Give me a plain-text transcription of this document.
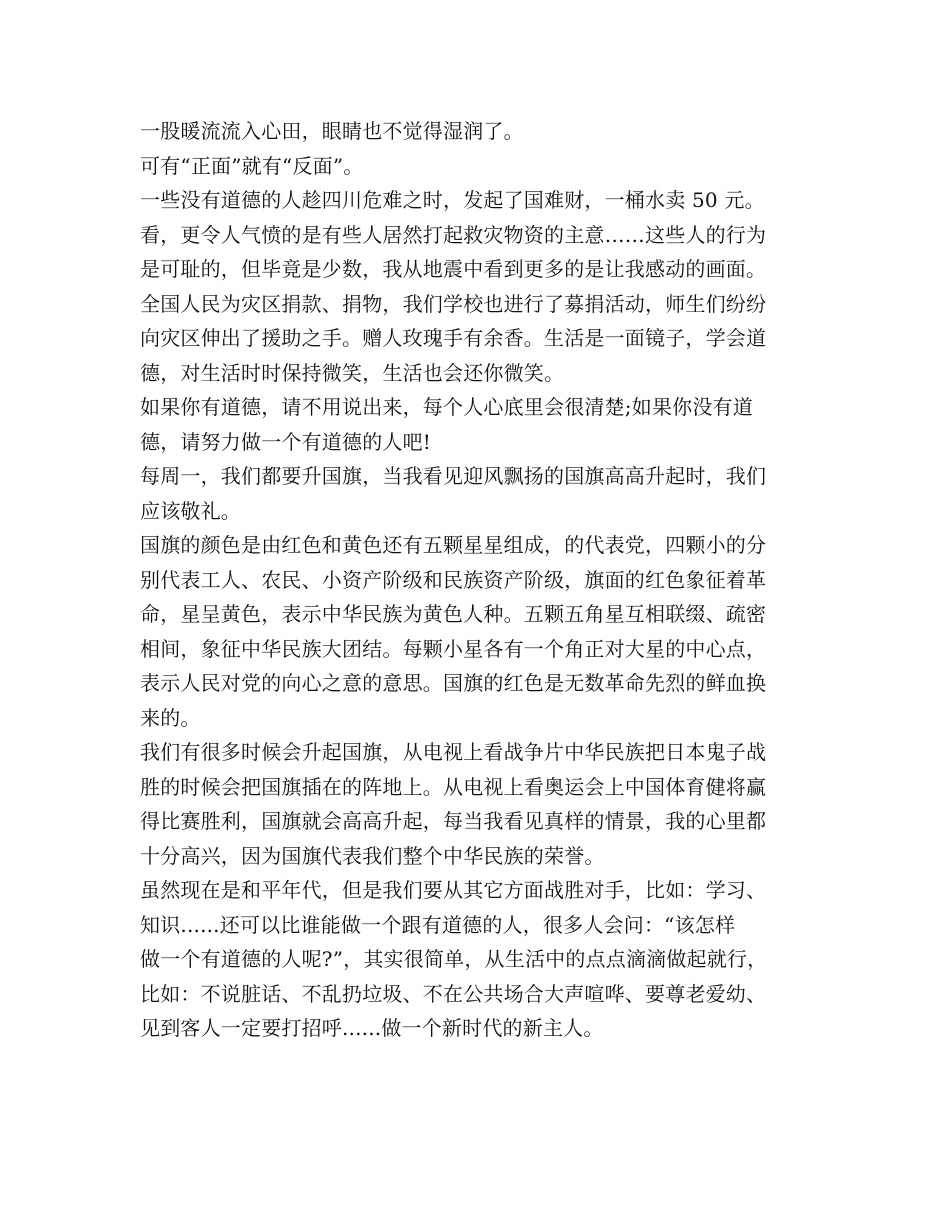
一股暖流流入心田，眼睛也不觉得湿润了。
可有“正面”就有“反面”。
一些没有道德的人趁四川危难之时，发起了国难财，一桶水卖 50 元。
看，更令人气愤的是有些人居然打起救灾物资的主意……这些人的行为
是可耻的，但毕竟是少数，我从地震中看到更多的是让我感动的画面。
全国人民为灾区捐款、捐物，我们学校也进行了募捐活动，师生们纷纷
向灾区伸出了援助之手。赠人玫瑰手有余香。生活是一面镜子，学会道
德，对生活时时保持微笑，生活也会还你微笑。
如果你有道德，请不用说出来，每个人心底里会很清楚;如果你没有道
德，请努力做一个有道德的人吧!
每周一，我们都要升国旗，当我看见迎风飘扬的国旗高高升起时，我们
应该敬礼。
国旗的颜色是由红色和黄色还有五颗星星组成，的代表党，四颗小的分
别代表工人、农民、小资产阶级和民族资产阶级，旗面的红色象征着革
命，星呈黄色，表示中华民族为黄色人种。五颗五角星互相联缀、疏密
相间，象征中华民族大团结。每颗小星各有一个角正对大星的中心点，
表示人民对党的向心之意的意思。国旗的红色是无数革命先烈的鲜血换
来的。
我们有很多时候会升起国旗，从电视上看战争片中华民族把日本鬼子战
胜的时候会把国旗插在的阵地上。从电视上看奥运会上中国体育健将赢
得比赛胜利，国旗就会高高升起，每当我看见真样的情景，我的心里都
十分高兴，因为国旗代表我们整个中华民族的荣誉。
虽然现在是和平年代，但是我们要从其它方面战胜对手，比如：学习、
知识......还可以比谁能做一个跟有道德的人，很多人会问：“该怎样
做一个有道德的人呢?”，其实很简单，从生活中的点点滴滴做起就行，
比如：不说脏话、不乱扔垃圾、不在公共场合大声喧哗、要尊老爱幼、
见到客人一定要打招呼......做一个新时代的新主人。
